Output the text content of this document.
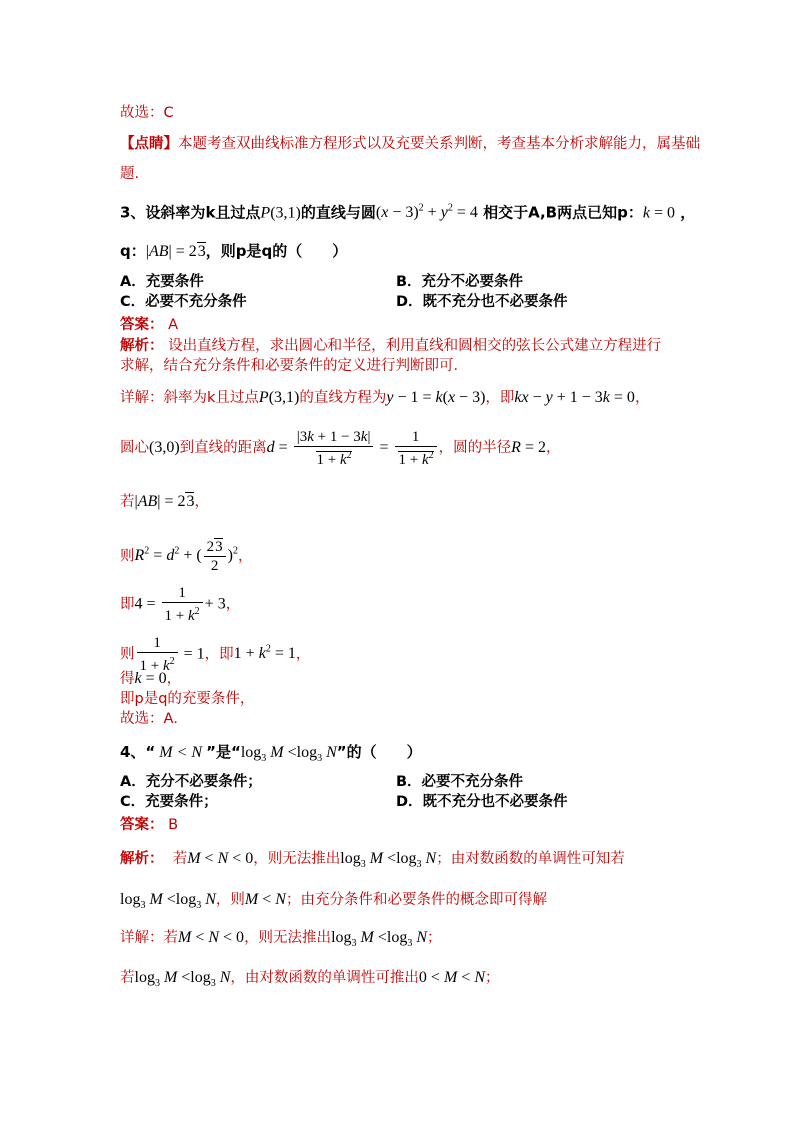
故选：C
【点睛】本题考查双曲线标准方程形式以及充要关系判断，考查基本分析求解能力，属基础
题.
3、设斜率为k且过点P(3,1)的直线与圆$(x - 3)^2 + y^2 = 4$ 相交于A,B两点已知p：k = 0 ，
q：|AB| = 23，则p是q的（　　）
A．充要条件	B．充分不必要条件
C．必要不充分条件	D．既不充分也不必要条件
答案： A
解析： 设出直线方程，求出圆心和半径，利用直线和圆相交的弦长公式建立方程进行
求解，结合充分条件和必要条件的定义进行判断即可．
详解：斜率为k且过点P(3,1)的直线方程为y − 1 = k(x − 3)，即kx − y + 1 − 3k = 0，
圆心(3,0)到直线的距离$d = \frac{|3k + 1 - 3k|}{1 + k^2} = \frac{1}{1 + k^2}$ ，圆的半径R = 2，
若|AB| = 23，
则$R^2 = d^2$ + ( $\frac{23}{2} )^2$，
即$4 = \frac{1}{1 + k^2} + 3$，
则 $\frac{1}{1 + k^2} = 1$，即$1 + k^2 = 1$，
得k = 0，
即p是q的充要条件，
故选：A．
4、“ M < N ”是“$\log_3$ $M <\log_3$ N”的（　　）
A．充分不必要条件；	B．必要不充分条件
C．充要条件；	D．既不充分也不必要条件
答案： B
解析： 若M < N < 0，则无法推出$\log_3 M <\log_3$ N；由对数函数的单调性可知若
$\log_3 M <\log_3$ N，则M < N；由充分条件和必要条件的概念即可得解
详解：若M < N < 0，则无法推出$\log_3 M <\log_3$ N；
若$\log_3 M <\log_3$ N，由对数函数的单调性可推出0 < M < N；
